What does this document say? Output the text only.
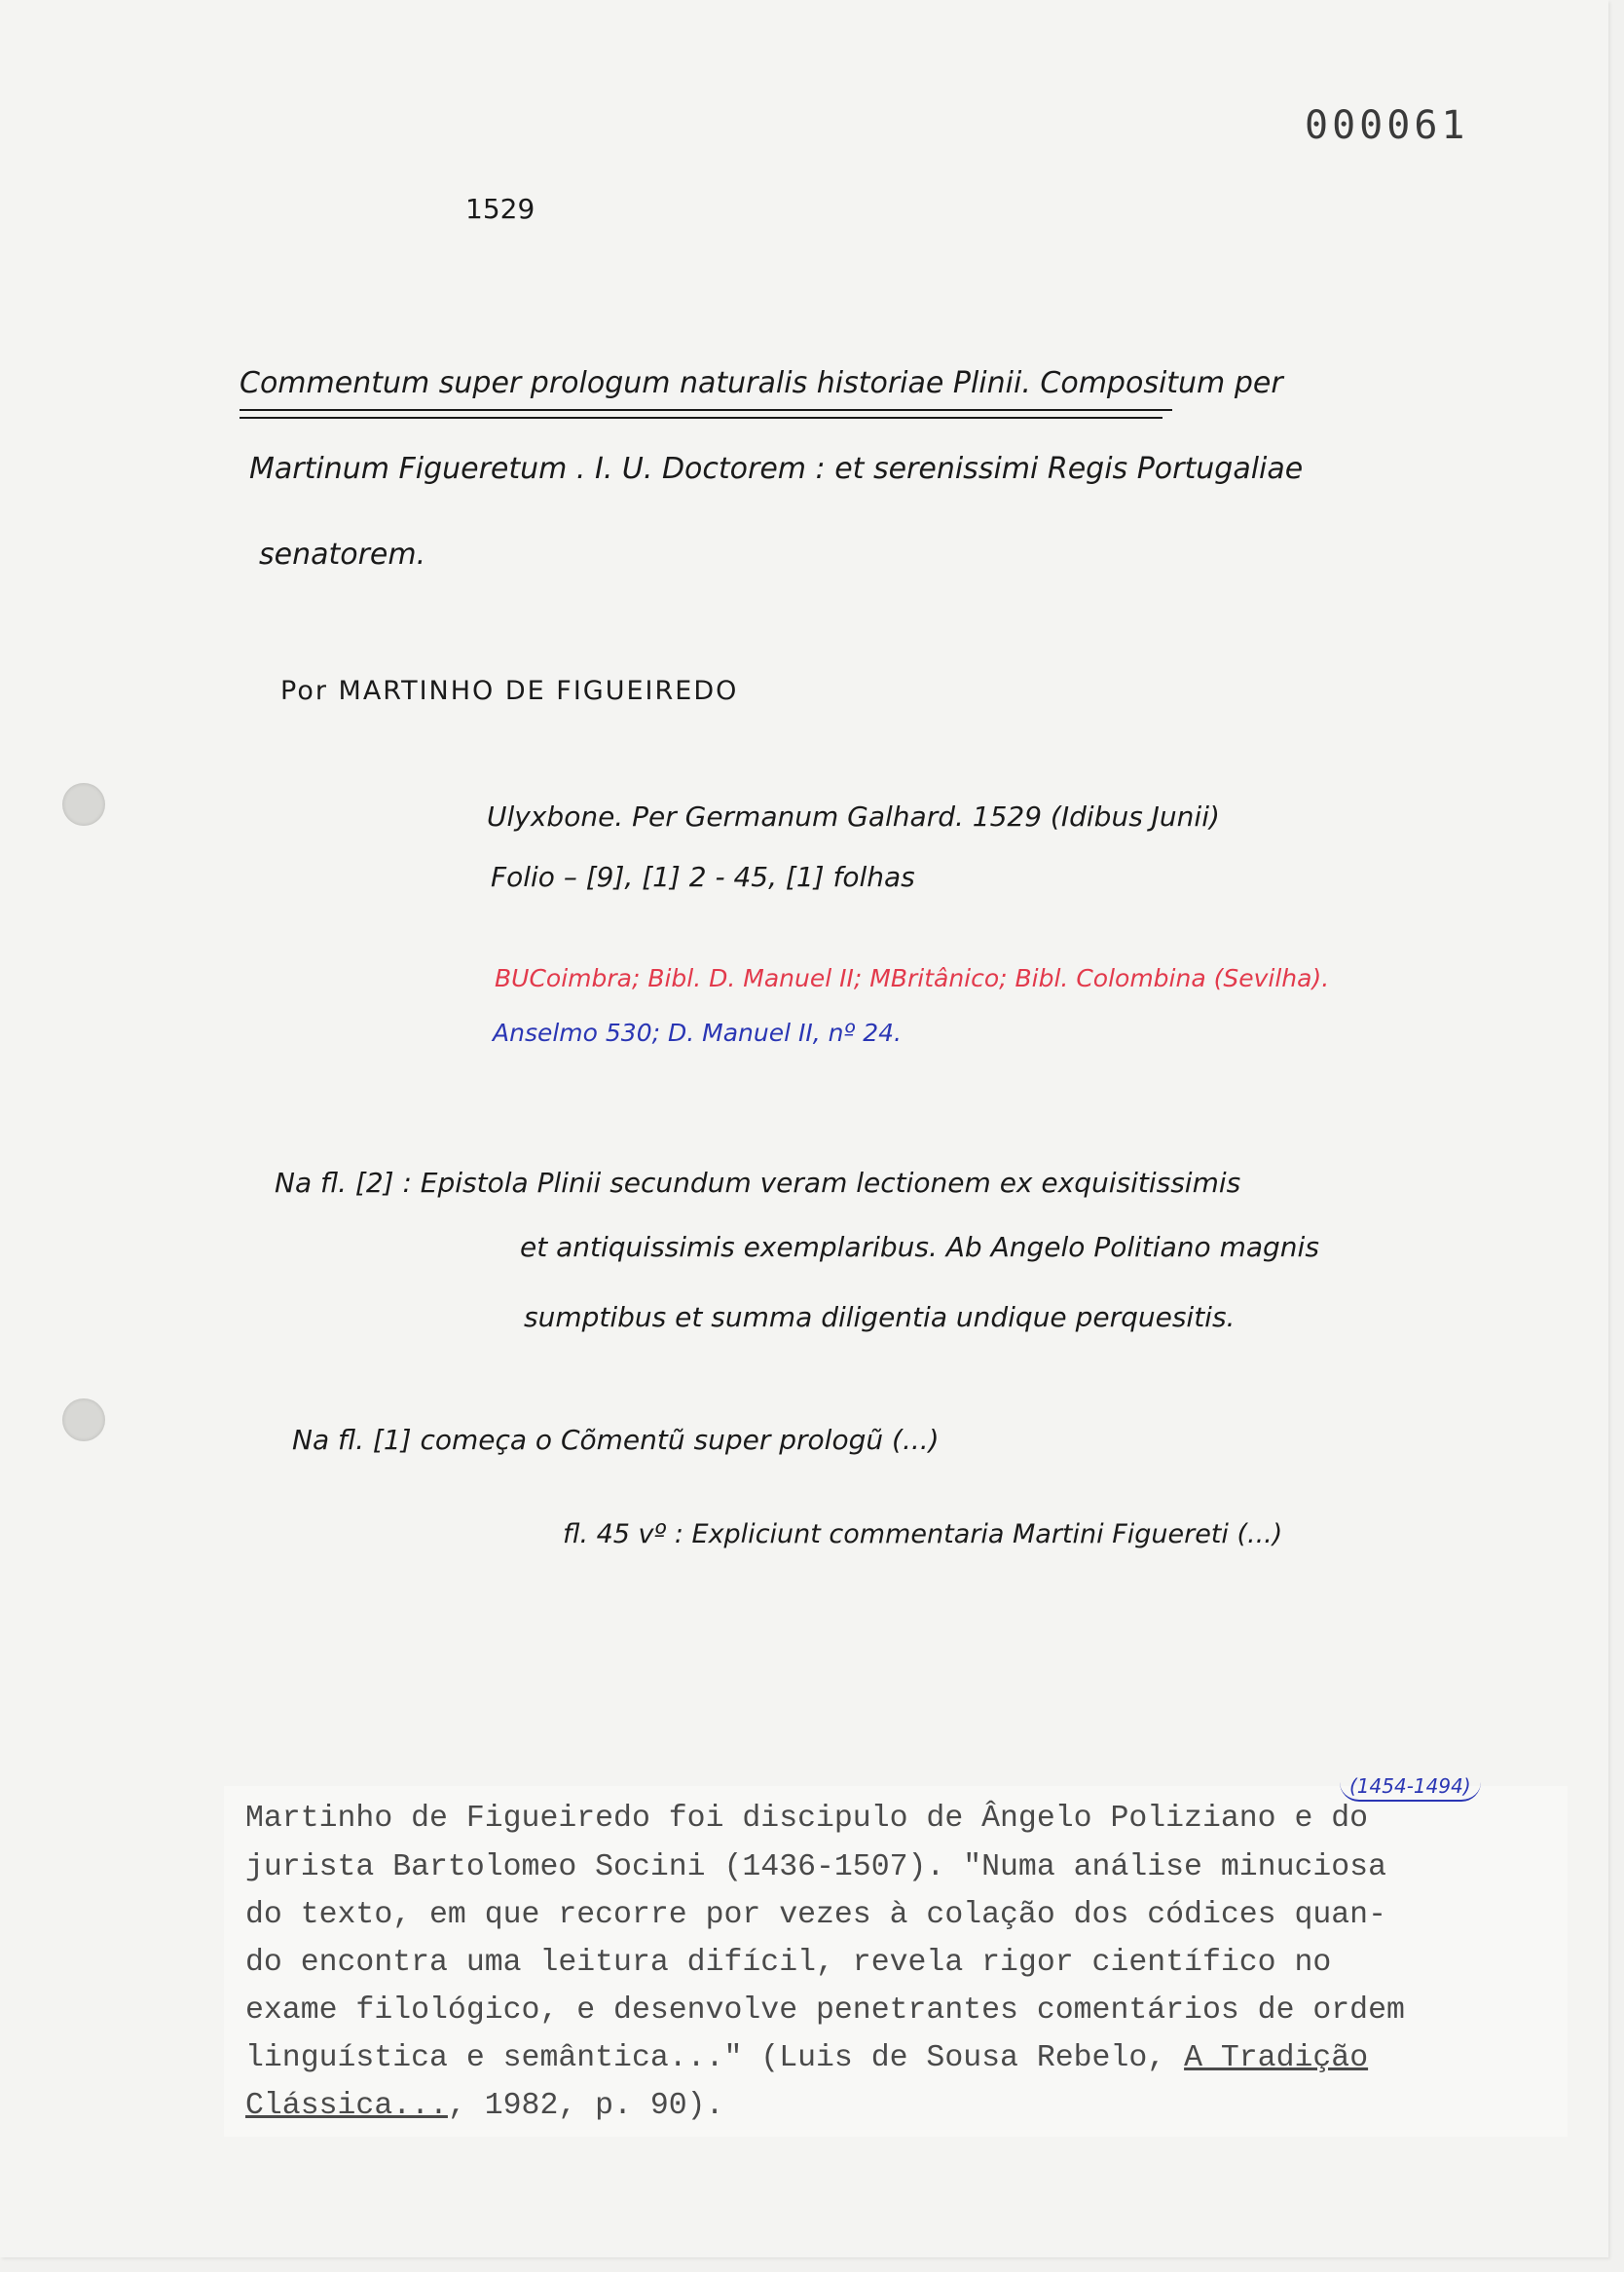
000061
1529
Commentum super prologum naturalis historiae Plinii. Compositum per
Martinum Figueretum . I. U. Doctorem : et serenissimi Regis Portugaliae
senatorem.
Por MARTINHO DE FIGUEIREDO
Ulyxbone. Per Germanum Galhard. 1529 (Idibus Junii)
Folio – [9], [1] 2 - 45, [1] folhas
BUCoimbra; Bibl. D. Manuel II; MBritânico; Bibl. Colombina (Sevilha).
Anselmo 530; D. Manuel II, nº 24.
Na fl. [2] : Epistola Plinii secundum veram lectionem ex exquisitissimis
et antiquissimis exemplaribus. Ab Angelo Politiano magnis
sumptibus et summa diligentia undique perquesitis.
Na fl. [1] começa o Cõmentũ super prologũ (...)
fl. 45 vº : Expliciunt commentaria Martini Figuereti (...)
(1454-1494)
Martinho de Figueiredo foi discipulo de Ângelo Poliziano e do
jurista Bartolomeo Socini (1436-1507). "Numa análise minuciosa
do texto, em que recorre por vezes à colação dos códices quan-
do encontra uma leitura difícil, revela rigor científico no
exame filológico, e desenvolve penetrantes comentários de ordem
linguística e semântica..." (Luis de Sousa Rebelo, A Tradição
Clássica..., 1982, p. 90).
